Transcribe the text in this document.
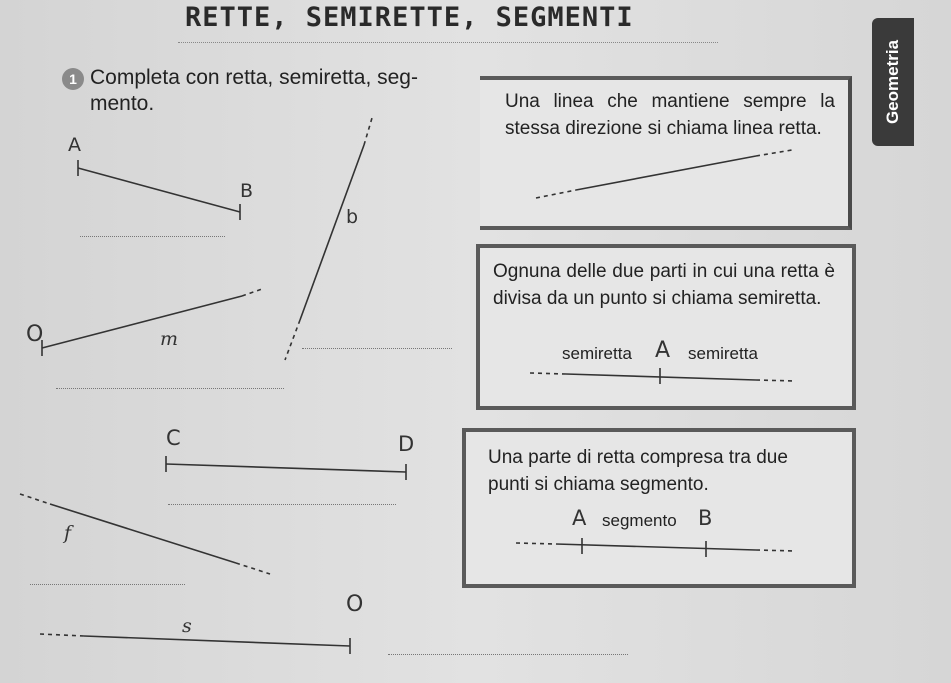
RETTE, SEMIRETTE, SEGMENTI
Geometria
1 Completa con retta, semiretta, seg-
mento.	Una linea che mantiene sempre la stessa direzione si chiama linea retta.
Ognuna delle due parti in cui una retta è divisa da un punto si chiama semiretta.
Una parte di retta compresa tra due
punti si chiama segmento.
semiretta A semiretta
A segmento B
A
B
b
O	m
C	D
f
O
s
